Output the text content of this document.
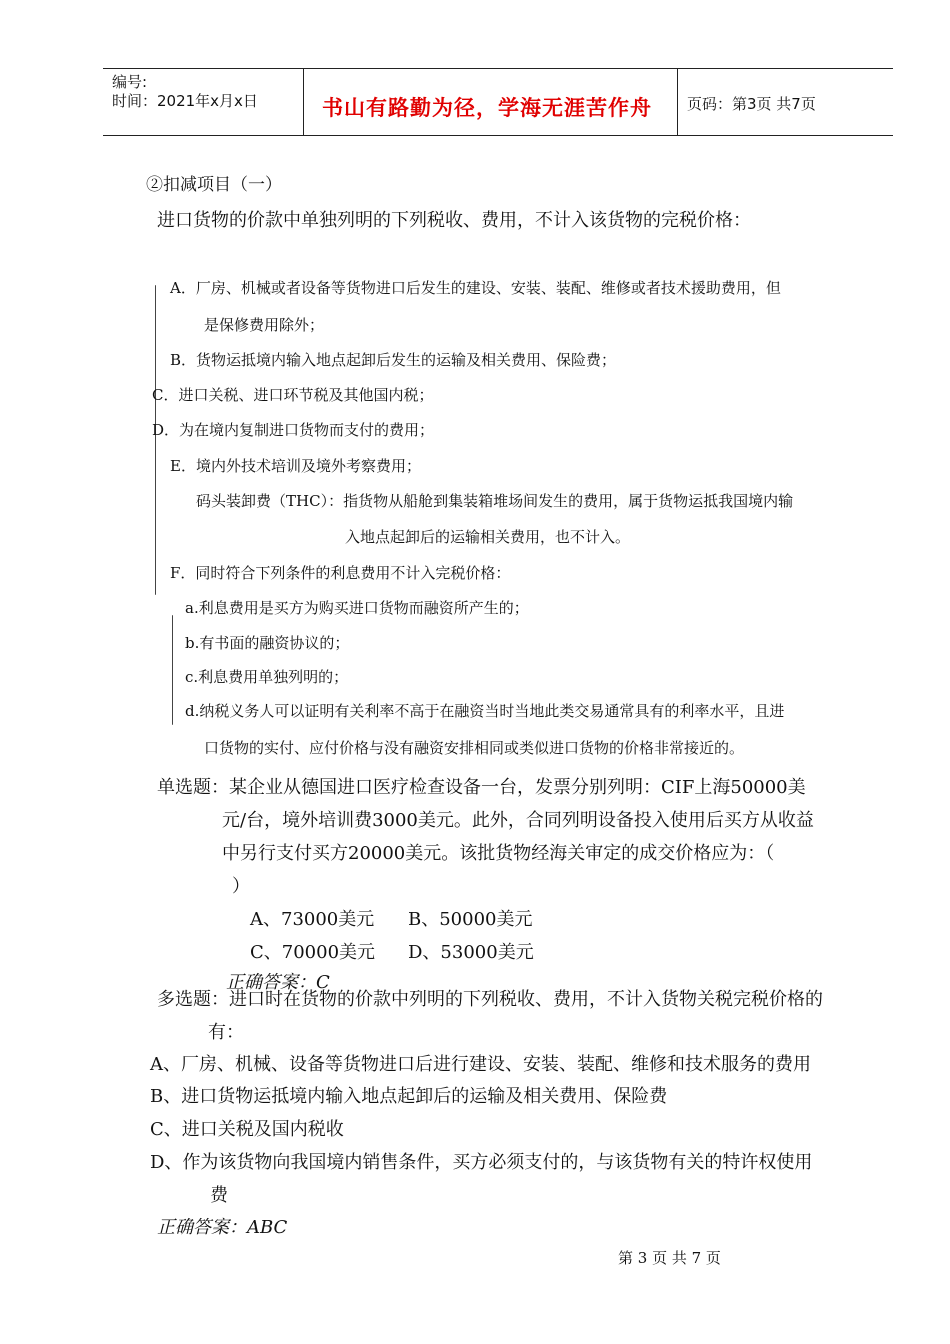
编号:
时间：2021年x月x日	书山有路勤为径，学海无涯苦作舟 页码：第3页 共7页
②扣减项目（一）
进口货物的价款中单独列明的下列税收、费用，不计入该货物的完税价格：
A．厂房、机械或者设备等货物进口后发生的建设、安装、装配、维修或者技术援助费用，但
是保修费用除外；
B．货物运抵境内输入地点起卸后发生的运输及相关费用、保险费；
C．进口关税、进口环节税及其他国内税；
D．为在境内复制进口货物而支付的费用；
E．境内外技术培训及境外考察费用；
码头装卸费（THC）：指货物从船舱到集装箱堆场间发生的费用，属于货物运抵我国境内输
入地点起卸后的运输相关费用，也不计入。
F．同时符合下列条件的利息费用不计入完税价格：
a.利息费用是买方为购买进口货物而融资所产生的；
b.有书面的融资协议的；
c.利息费用单独列明的；
d.纳税义务人可以证明有关利率不高于在融资当时当地此类交易通常具有的利率水平，且进
口货物的实付、应付价格与没有融资安排相同或类似进口货物的价格非常接近的。
单选题：某企业从德国进口医疗检查设备一台，发票分别列明：CIF上海50000美
元/台，境外培训费3000美元。此外，合同列明设备投入使用后买方从收益
中另行支付买方20000美元。该批货物经海关审定的成交价格应为：（
）
A、73000美元 B、50000美元
C、70000美元 D、53000美元
正确答案：C
多选题：进口时在货物的价款中列明的下列税收、费用，不计入货物关税完税价格的
有：
A、厂房、机械、设备等货物进口后进行建设、安装、装配、维修和技术服务的费用
B、进口货物运抵境内输入地点起卸后的运输及相关费用、保险费
C、进口关税及国内税收
D、作为该货物向我国境内销售条件，买方必须支付的，与该货物有关的特许权使用
费
正确答案：ABC
第 3 页 共 7 页
